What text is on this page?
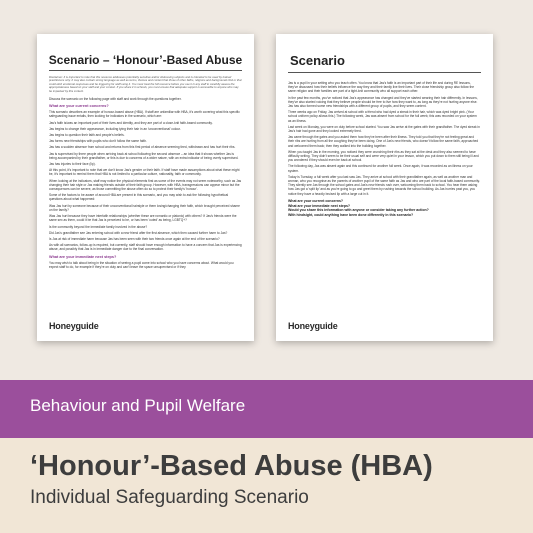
Scenario – ‘Honour’-Based Abuse

Disclaimer: It is important to note that this resource addresses potentially sensitive and/or distressing subjects and is intended to be used by trained practitioners only. It may also contain strong language as well as terms, themes and content that those of other faiths, religions and backgrounds find or that could elicit emotional responses and be triggering for staff using it. You must treat the full resource before you use it in any staff to carefully assess the appropriateness based on your staff and your context. If you share it in schools, you must ensure that adequate support is accessible to anyone who may be impacted by this content.

Discuss the scenario on the following page with staff and work through the questions together.

What are your current concerns?

This scenario describes an example of honour-based abuse (HBA). If staff are unfamiliar with HBA, it's worth covering what this specific safeguarding issue entails, then looking for indicators in the scenario, which are:

Jas's faith is/was an important part of their lives and identity, and they are part of a close-knit faith-based community.

Jas begins to change their appearance, including tying their hair in an 'unconventional' colour.

Jas begins to question their faith and people's beliefs.

Jas forms new friendships with pupils who don't follow the same faith.

Jas has a sudden absence from school and returns from this first period of absence seeming tired, withdrawn and has hurt their ribs.

Jas is supervised by three people when arriving back at school following the second absence – an idea that it shows whether Jas is being accompanied by their grandfather, or this is due to concerns of a wider nature, with an extra indicator of being overly supervised.

Jas has injuries to their face (lip).

At this point, it's important to note that we don't know Jas's gender or their faith. If staff have made assumptions about what these might be, it's important to remind them that HBA is not limited to a particular culture, nationality, faith or community.

When looking at the indicators, staff may notice the physical elements first as some of the events may not seem noteworthy, such as Jas changing their hair style or Jas making friends outside of their faith group. However, with HBA, transgressions can appear minor but the consequences can be severe, as those committing the abuse often do so to protect their family's 'honour'.

Some of the factors to be aware of around HBA are present in this scenario, and you may wish to ask the following hypothetical questions about what happened:

Was Jas hurt by someone because of their unconventional hairstyle or them losing/changing their faith, which brought perceived shame on the family?

Was Jas hurt because they have interfaith relationships (whether these are romantic or platonic) with others? If Jas's friends were the same sex as them, could it be that Jas is perceived to be, or has been 'outed' as being, LGBTQ+?

Is the community beyond the immediate family involved in the abuse?

Did Jas's grandfather see Jas entering school with a new friend after the first absence, which then caused further harm to Jas?

Is Jas at risk of immediate harm because Jas has been seen with their two friends once again at the end of the scenario?

As with all scenarios, follow-up is required, but currently, staff should have enough information to have a concern that Jas is experiencing abuse, and possibly that Jas is in immediate danger due to the final conversation.

What are your immediate next steps?

You may wish to talk about being in the situation of seeing a pupil come into school who you have concerns about. What would you expect staff to do, for example if they're on duty and can't leave the space unsupervised or if they

Honeyguide
Scenario

Jas is a pupil in your setting who you teach often. You know that Jas's faith is an important part of their life and during RE lessons, they've discussed how their beliefs influence the way they and their family live their lives. Their close friendship group also follow the same religion and their families are part of a tight-knit community who all support each other.

In the past few months, you've noticed that Jas's appearance has changed and they've started wearing their hair differently. In lessons, they've also started voicing that they believe people should be free to live how they want to, as long as they're not hurting anyone else. Jas has also formed some new friendships with a different group of pupils, and they seem content.

Three weeks ago on Friday, Jas arrived at school with a friend who had dyed a streak in their hair, which was dyed bright pink. (Your school uniform policy allows this.) The following week, Jas was absent from school for the full week; this was recorded on your system as an illness.

Last week on Monday, you were on duty before school started. You saw Jas arrive at the gates with their grandfather. The dyed streak in Jas's hair had gone and they looked extremely tired.

Jas came through the gates and you asked them how they've been after their illness. They told you that they're not feeling great and their ribs are hurting from all the coughing they've been doing. One of Jas's new friends, who doesn't follow the same faith, approached and welcomed them back; then they walked into the building together.

When you taught Jas in the morning, you noticed they were crunching their ribs as they sat at the desk and they also seemed to have difficulty writing. They didn't seem to be their usual self and were very quiet in your lesson, which you put down to them still being ill and you wondered if they should even be back at school.

The following day, Jas was absent again and this continued for another full week. Once again, it was recorded as an illness on your system.

Today is Tuesday, a full week after you last saw Jas. They arrive at school with their grandfather again, as well as another man and woman, who you recognise as the parents of another pupil of the same faith as Jas and who are part of the local faith-based community. They silently see Jas through the school gates and Jas's new friends rush over, welcoming them back to school. You hear them asking how Jas got a 'split lip' and as you're going to go and greet them by rushing towards the school building. As Jas hurries past you, you notice they have a heavily bruised lip with a large cut in it.

What are your current concerns?

What are your immediate next steps?

Would you share this information with anyone or consider taking any further action?

With hindsight, could anything have been done differently in this scenario?

Honeyguide
Behaviour and Pupil Welfare
‘Honour’-Based Abuse (HBA)

Individual Safeguarding Scenario
